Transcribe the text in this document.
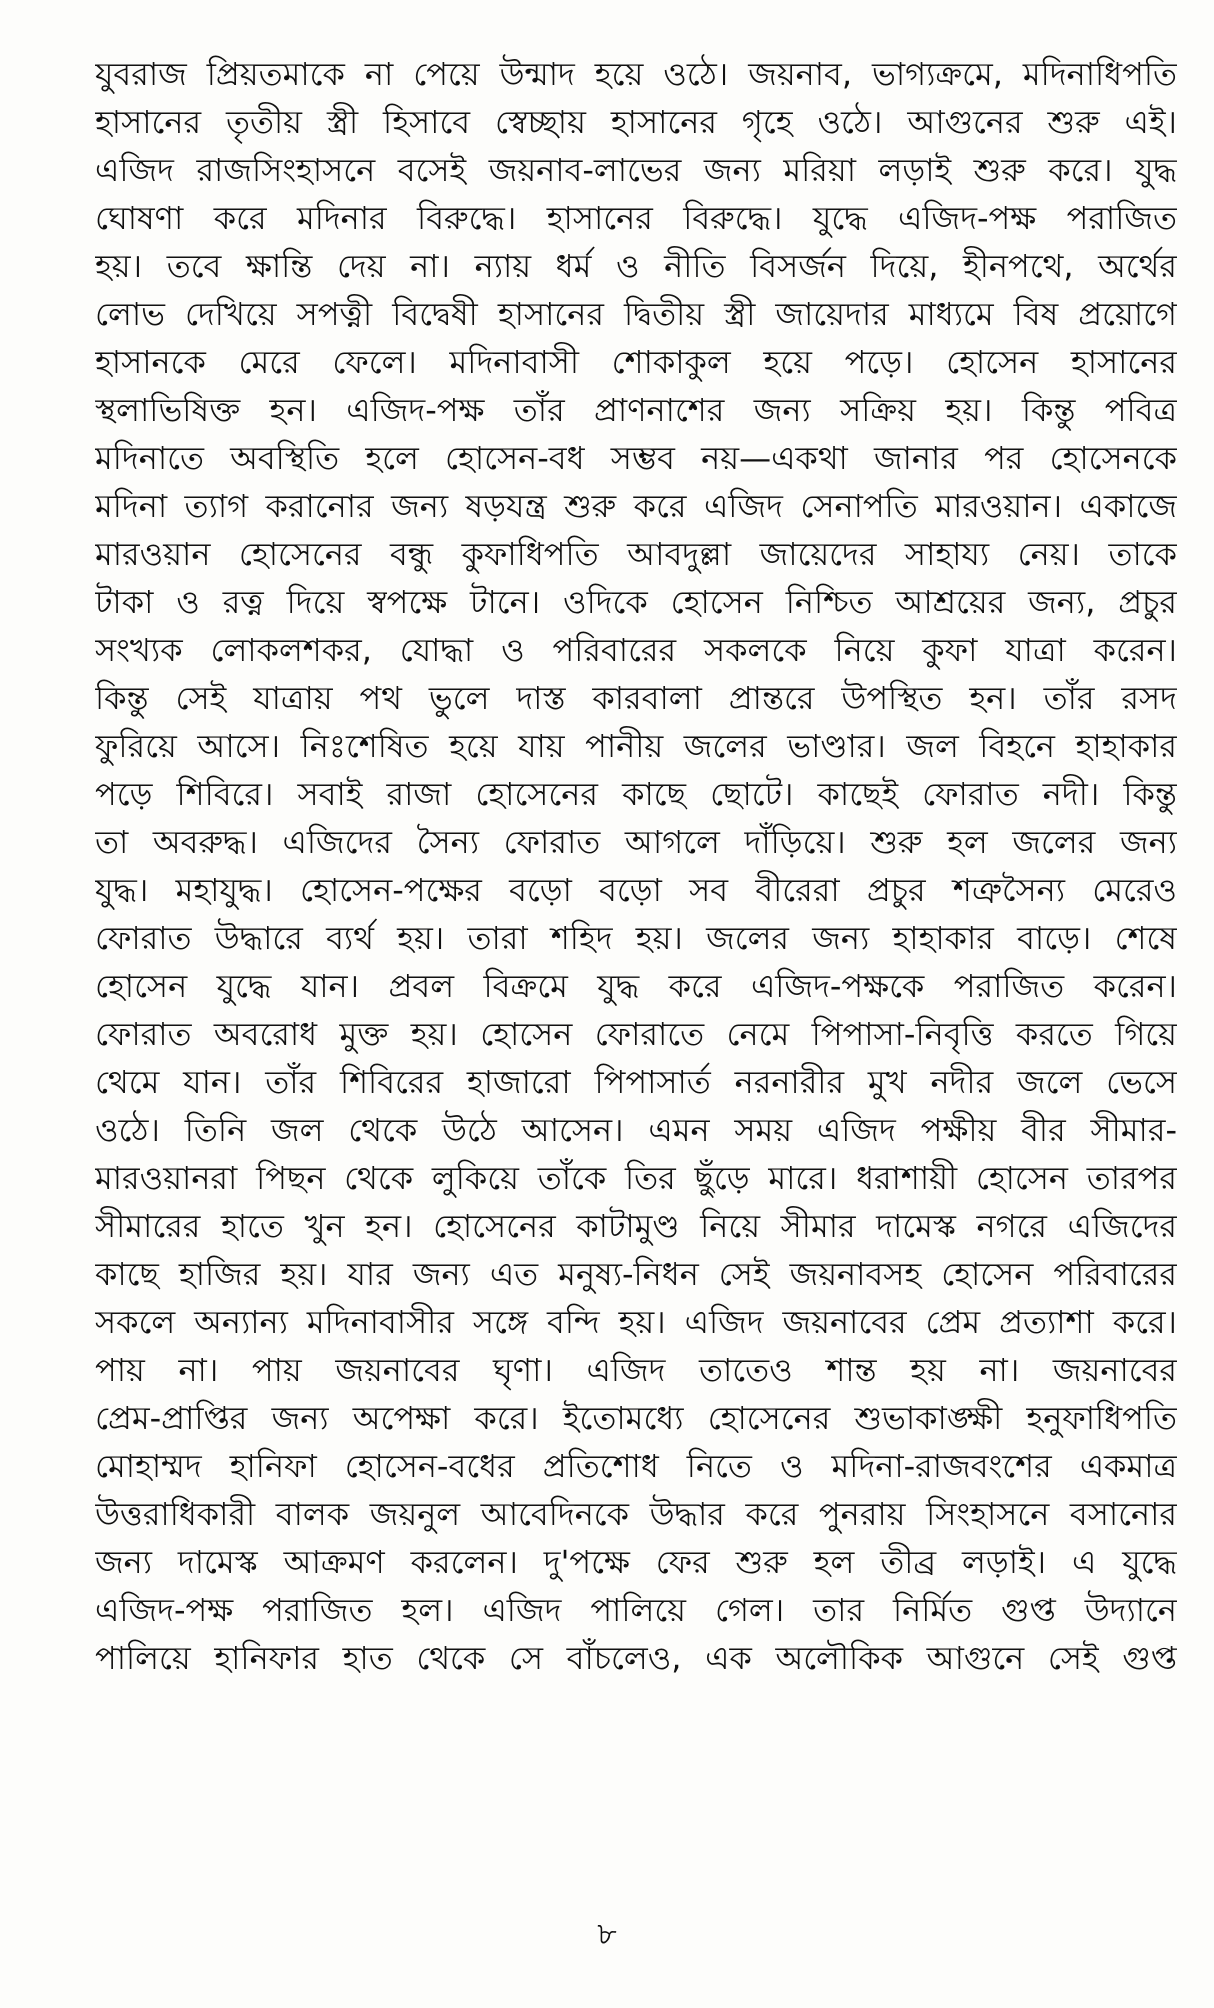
যুবরাজ প্রিয়তমাকে না পেয়ে উন্মাদ হয়ে ওঠে। জয়নাব, ভাগ্যক্রমে, মদিনাধিপতি
হাসানের তৃতীয় স্ত্রী হিসাবে স্বেচ্ছায় হাসানের গৃহে ওঠে। আগুনের শুরু এই।
এজিদ রাজসিংহাসনে বসেই জয়নাব-লাভের জন্য মরিয়া লড়াই শুরু করে। যুদ্ধ
ঘোষণা করে মদিনার বিরুদ্ধে। হাসানের বিরুদ্ধে। যুদ্ধে এজিদ-পক্ষ পরাজিত
হয়। তবে ক্ষান্তি দেয় না। ন্যায় ধর্ম ও নীতি বিসর্জন দিয়ে, হীনপথে, অর্থের
লোভ দেখিয়ে সপত্নী বিদ্বেষী হাসানের দ্বিতীয় স্ত্রী জায়েদার মাধ্যমে বিষ প্রয়োগে
হাসানকে মেরে ফেলে। মদিনাবাসী শোকাকুল হয়ে পড়ে। হোসেন হাসানের
স্থলাভিষিক্ত হন। এজিদ-পক্ষ তাঁর প্রাণনাশের জন্য সক্রিয় হয়। কিন্তু পবিত্র
মদিনাতে অবস্থিতি হলে হোসেন-বধ সম্ভব নয়—একথা জানার পর হোসেনকে
মদিনা ত্যাগ করানোর জন্য ষড়যন্ত্র শুরু করে এজিদ সেনাপতি মারওয়ান। একাজে
মারওয়ান হোসেনের বন্ধু কুফাধিপতি আবদুল্লা জায়েদের সাহায্য নেয়। তাকে
টাকা ও রত্ন দিয়ে স্বপক্ষে টানে। ওদিকে হোসেন নিশ্চিত আশ্রয়ের জন্য, প্রচুর
সংখ্যক লোকলশকর, যোদ্ধা ও পরিবারের সকলকে নিয়ে কুফা যাত্রা করেন।
কিন্তু সেই যাত্রায় পথ ভুলে দাস্ত কারবালা প্রান্তরে উপস্থিত হন। তাঁর রসদ
ফুরিয়ে আসে। নিঃশেষিত হয়ে যায় পানীয় জলের ভাণ্ডার। জল বিহনে হাহাকার
পড়ে শিবিরে। সবাই রাজা হোসেনের কাছে ছোটে। কাছেই ফোরাত নদী। কিন্তু
তা অবরুদ্ধ। এজিদের সৈন্য ফোরাত আগলে দাঁড়িয়ে। শুরু হল জলের জন্য
যুদ্ধ। মহাযুদ্ধ। হোসেন-পক্ষের বড়ো বড়ো সব বীরেরা প্রচুর শত্রুসৈন্য মেরেও
ফোরাত উদ্ধারে ব্যর্থ হয়। তারা শহিদ হয়। জলের জন্য হাহাকার বাড়ে। শেষে
হোসেন যুদ্ধে যান। প্রবল বিক্রমে যুদ্ধ করে এজিদ-পক্ষকে পরাজিত করেন।
ফোরাত অবরোধ মুক্ত হয়। হোসেন ফোরাতে নেমে পিপাসা-নিবৃত্তি করতে গিয়ে
থেমে যান। তাঁর শিবিরের হাজারো পিপাসার্ত নরনারীর মুখ নদীর জলে ভেসে
ওঠে। তিনি জল থেকে উঠে আসেন। এমন সময় এজিদ পক্ষীয় বীর সীমার-
মারওয়ানরা পিছন থেকে লুকিয়ে তাঁকে তির ছুঁড়ে মারে। ধরাশায়ী হোসেন তারপর
সীমারের হাতে খুন হন। হোসেনের কাটামুণ্ড নিয়ে সীমার দামেস্ক নগরে এজিদের
কাছে হাজির হয়। যার জন্য এত মনুষ্য-নিধন সেই জয়নাবসহ হোসেন পরিবারের
সকলে অন্যান্য মদিনাবাসীর সঙ্গে বন্দি হয়। এজিদ জয়নাবের প্রেম প্রত্যাশা করে।
পায় না। পায় জয়নাবের ঘৃণা। এজিদ তাতেও শান্ত হয় না। জয়নাবের
প্রেম-প্রাপ্তির জন্য অপেক্ষা করে। ইতোমধ্যে হোসেনের শুভাকাঙ্ক্ষী হনুফাধিপতি
মোহাম্মদ হানিফা হোসেন-বধের প্রতিশোধ নিতে ও মদিনা-রাজবংশের একমাত্র
উত্তরাধিকারী বালক জয়নুল আবেদিনকে উদ্ধার করে পুনরায় সিংহাসনে বসানোর
জন্য দামেস্ক আক্রমণ করলেন। দু'পক্ষে ফের শুরু হল তীব্র লড়াই। এ যুদ্ধে
এজিদ-পক্ষ পরাজিত হল। এজিদ পালিয়ে গেল। তার নির্মিত গুপ্ত উদ্যানে
পালিয়ে হানিফার হাত থেকে সে বাঁচলেও, এক অলৌকিক আগুনে সেই গুপ্ত
৮
